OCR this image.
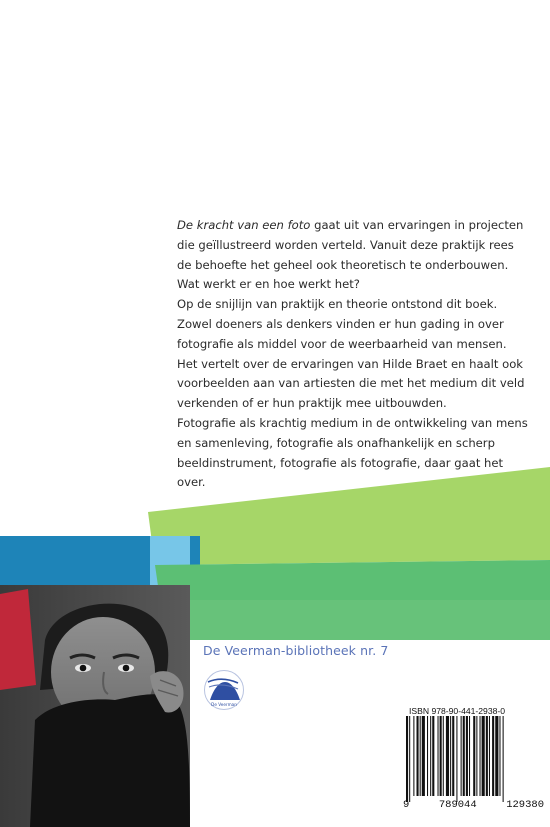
De Veerman

De kracht van een foto gaat uit van ervaringen in projecten die geïllustreerd worden verteld. Vanuit deze praktijk rees de behoefte het geheel ook theoretisch te onderbouwen. Wat werkt er en hoe werkt het?

Op de snijlijn van praktijk en theorie ontstond dit boek. Zowel doeners als denkers vinden er hun gading in over fotografie als middel voor de weerbaarheid van mensen. Het vertelt over de ervaringen van Hilde Braet en haalt ook voorbeelden aan van artiesten die met het medium dit veld verkenden of er hun praktijk mee uitbouwden.

Fotografie als krachtig medium in de ontwikkeling van mens en samenleving, fotografie als onafhankelijk en scherp beeldinstrument, fotografie als fotografie, daar gaat het over.

De Veerman-bibliotheek nr. 7
ISBN 978-90-441-2938-0
9	789044	129380
